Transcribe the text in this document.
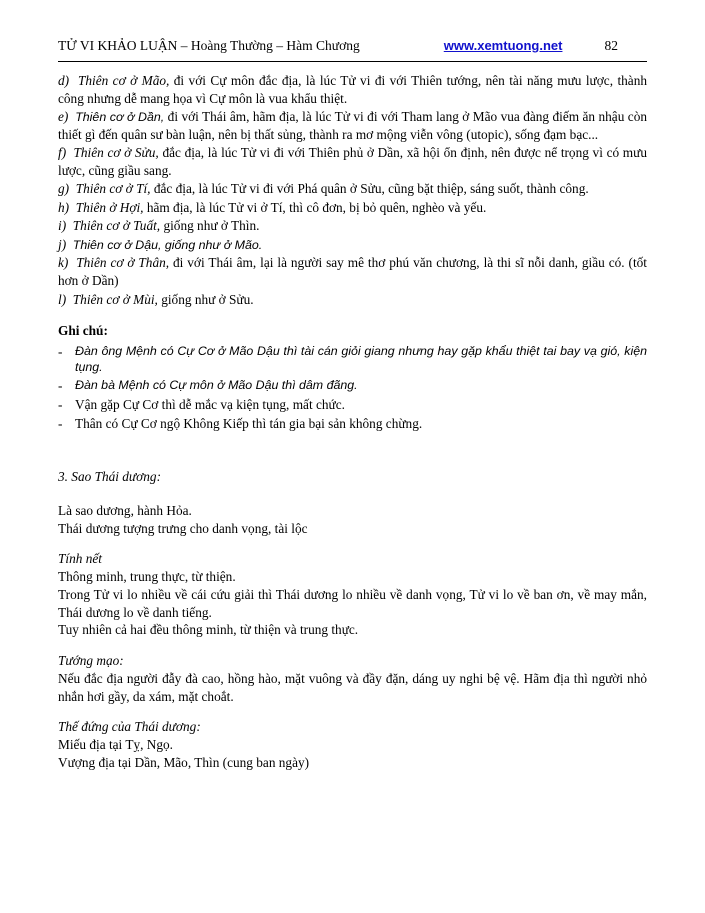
TỬ VI KHẢO LUẬN – Hoàng Thường – Hàm Chương	www.xemtuong.net	82

d) Thiên cơ ở Mão, đi với Cự môn đắc địa, là lúc Tử vi đi với Thiên tướng, nên tài năng mưu lược, thành công nhưng dễ mang họa vì Cự môn là vua khẩu thiệt.

e) Thiên cơ ở Dần, đi với Thái âm, hãm địa, là lúc Tử vi đi với Tham lang ở Mão vua đàng điếm ăn nhậu còn thiết gì đến quân sư bàn luận, nên bị thất sủng, thành ra mơ mộng viễn vông (utopic), sống đạm bạc...

f) Thiên cơ ở Sửu, đắc địa, là lúc Tử vi đi với Thiên phủ ở Dần, xã hội ổn định, nên được nể trọng vì có mưu lược, cũng giầu sang.

g) Thiên cơ ở Tí, đắc địa, là lúc Tử vi đi với Phá quân ở Sửu, cũng bặt thiệp, sáng suốt, thành công.

h) Thiên ở Hợi, hãm địa, là lúc Tử vi ở Tí, thì cô đơn, bị bỏ quên, nghèo và yếu.

i) Thiên cơ ở Tuất, giống như ở Thìn.

j) Thiên cơ ở Dậu, giống như ở Mão.

k) Thiên cơ ở Thân, đi với Thái âm, lại là người say mê thơ phú văn chương, là thi sĩ nỗi danh, giầu có. (tốt hơn ở Dần)

l) Thiên cơ ở Mùi, giống như ở Sửu.

Ghi chú:
-	Đàn ông Mệnh có Cự Cơ ở Mão Dậu thì tài cán giỏi giang nhưng hay gặp khẩu thiệt tai bay vạ gió, kiện tụng.
-	Đàn bà Mệnh có Cự môn ở Mão Dậu thì dâm đãng.
- Vận gặp Cự Cơ thì dễ mắc vạ kiện tụng, mất chức.
- Thân có Cự Cơ ngộ Không Kiếp thì tán gia bại sản không chừng.
3. Sao Thái dương:

Là sao dương, hành Hỏa.

Thái dương tượng trưng cho danh vọng, tài lộc

Tính nết

Thông minh, trung thực, từ thiện.

Trong Tử vi lo nhiều về cái cứu giải thì Thái dương lo nhiều về danh vọng, Tử vi lo về ban ơn, về may mắn, Thái dương lo về danh tiếng.

Tuy nhiên cả hai đều thông minh, từ thiện và trung thực.

Tướng mạo:

Nếu đắc địa người đẫy đà cao, hồng hào, mặt vuông và đầy đặn, dáng uy nghi bệ vệ. Hãm địa thì người nhỏ nhắn hơi gầy, da xám, mặt choắt.

Thế đứng của Thái dương:

Miếu địa tại Tỵ, Ngọ.

Vượng địa tại Dần, Mão, Thìn (cung ban ngày)
